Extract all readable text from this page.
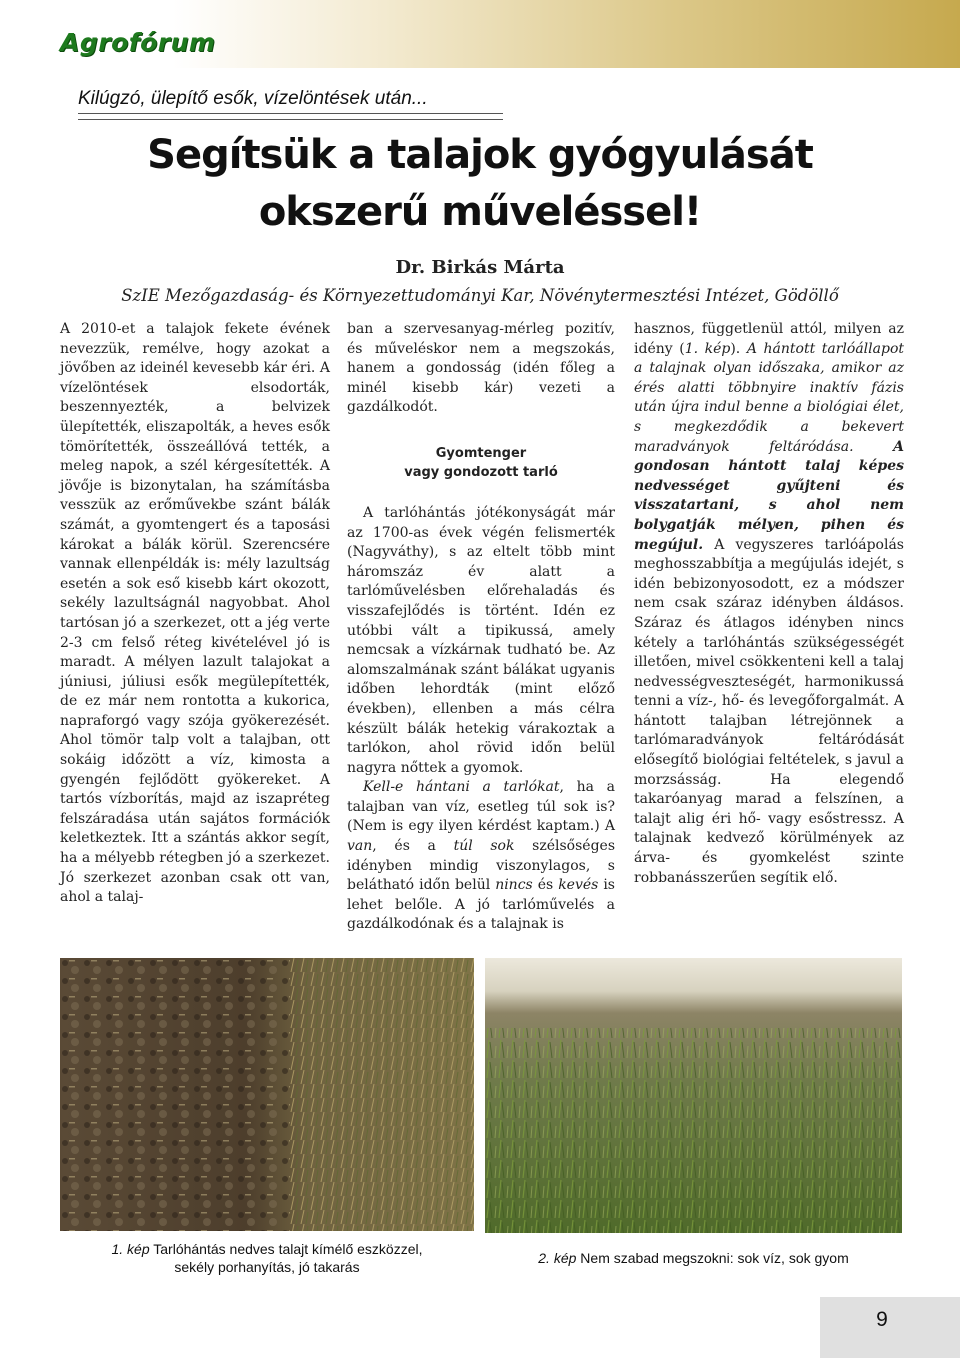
Agrofórum
Kilúgzó, ülepítő esők, vízelöntések után...
Segítsük a talajok gyógyulását
okszerű műveléssel!
Dr. Birkás Márta
SzIE Mezőgazdaság- és Környezettudományi Kar, Növénytermesztési Intézet, Gödöllő

A 2010-et a talajok fekete évének nevezzük, remélve, hogy azokat a jövőben az ideinél kevesebb kár éri. A vízelöntések elsodorták, beszennyezték, a belvizek ülepítették, eliszapolták, a heves esők tömörítették, összeállóvá tették, a meleg napok, a szél kérgesítették. A jövője is bizonytalan, ha számításba vesszük az erőművekbe szánt bálák számát, a gyomtengert és a taposási károkat a bálák körül. Szerencsére vannak ellenpéldák is: mély lazultság esetén a sok eső kisebb kárt okozott, sekély lazultságnál nagyobbat. Ahol tartósan jó a szerkezet, ott a jég verte 2-3 cm felső réteg kivételével jó is maradt. A mélyen lazult talajokat a júniusi, júliusi esők megülepítették, de ez már nem rontotta a kukorica, napraforgó vagy szója gyökerezését. Ahol tömör talp volt a talajban, ott sokáig időzött a víz, kimosta a gyengén fejlődött gyökereket. A tartós vízborítás, majd az iszapréteg felszáradása után sajátos formációk keletkeztek. Itt a szántás akkor segít, ha a mélyebb rétegben jó a szerkezet. Jó szerkezet azonban csak ott van, ahol a talaj-

ban a szervesanyag-mérleg pozitív, és műveléskor nem a megszokás, hanem a gondosság (idén főleg a minél kisebb kár) vezeti a gazdálkodót.

Gyomtenger
vagy gondozott tarló

A tarlóhántás jótékonyságát már az 1700-as évek végén felismerték (Nagyváthy), s az eltelt több mint háromszáz év alatt a tarlóművelésben előrehaladás és visszafejlődés is történt. Idén ez utóbbi vált a tipikussá, amely nemcsak a vízkárnak tudható be. Az alomszalmának szánt bálákat ugyanis időben lehordták (mint előző években), ellenben a más célra készült bálák hetekig várakoztak a tarlókon, ahol rövid időn belül nagyra nőttek a gyomok.

Kell-e hántani a tarlókat, ha a talajban van víz, esetleg túl sok is? (Nem is egy ilyen kérdést kaptam.) A van, és a túl sok szélsőséges idényben mindig viszonylagos, s belátható időn belül nincs és kevés is lehet belőle. A jó tarlóművelés a gazdálkodónak és a talajnak is

hasznos, függetlenül attól, milyen az idény (1. kép). A hántott tarlóállapot a talajnak olyan időszaka, amikor az érés alatti többnyire inaktív fázis után újra indul benne a biológiai élet, s megkezdődik a bekevert maradványok feltáródása.	A gondosan hántott talaj képes nedvességet gyűjteni és visszatartani, s ahol nem bolygatják mélyen, pihen és megújul. A vegyszeres tarlóápolás meghosszabbítja a megújulás idejét, s idén bebizonyosodott, ez a módszer nem csak száraz idényben áldásos. Száraz és átlagos idényben nincs kétely a tarlóhántás szükségességét illetően, mivel csökkenteni kell a talaj nedvességveszteségét, harmonikussá tenni a víz-, hő- és levegőforgalmát. A hántott talajban létrejönnek a tarlómaradványok feltáródását elősegítő biológiai feltételek, s javul a morzsásság. Ha elegendő takaróanyag marad a felszínen, a talajt alig éri hő- vagy esőstressz. A talajnak kedvező körülmények az árva- és gyomkelést szinte robbanásszerűen segítik elő.

1. kép Tarlóhántás nedves talajt kímélő eszközzel,
sekély porhanyítás, jó takarás
2. kép Nem szabad megszokni: sok víz, sok gyom
9
